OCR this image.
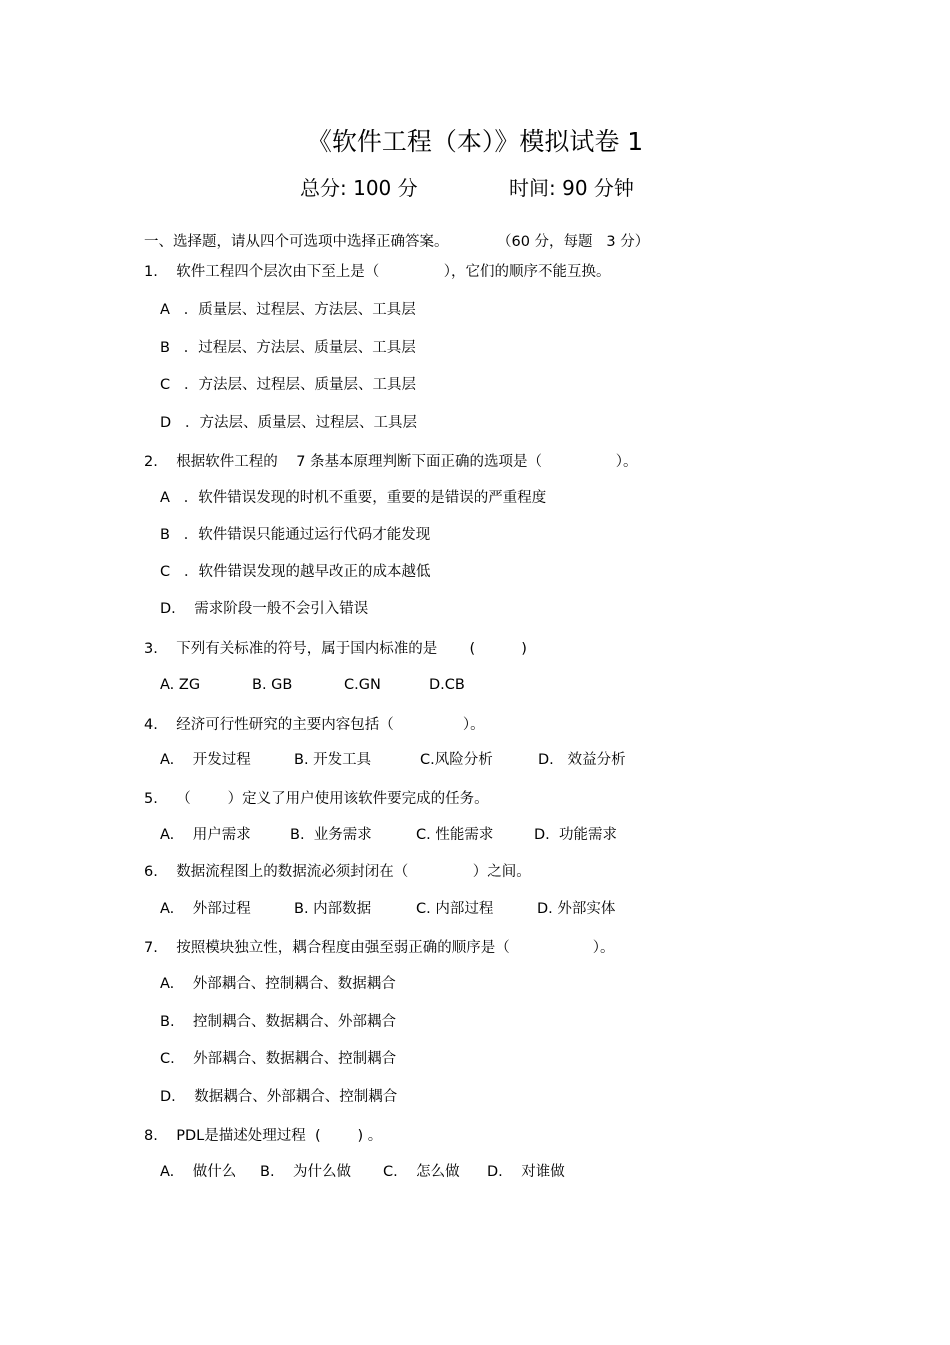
《软件工程（本）》模拟试卷 1
总分: 100 分	时间: 90 分钟
一、选择题，请从四个可选项中选择正确答案。	（60 分，每题   3 分）
1.    软件工程四个层次由下至上是（              ），它们的顺序不能互换。
A   ．质量层、过程层、方法层、工具层
B   ．过程层、方法层、质量层、工具层
C   ．方法层、过程层、质量层、工具层
D   ．方法层、质量层、过程层、工具层
2.    根据软件工程的    7 条基本原理判断下面正确的选项是（                ）。
A   ．软件错误发现的时机不重要，重要的是错误的严重程度
B   ．软件错误只能通过运行代码才能发现
C   ．软件错误发现的越早改正的成本越低
D.    需求阶段一般不会引入错误
3.    下列有关标准的符号，属于国内标准的是       (          )
A. ZG	B. GB	C.GN	D.CB
4.    经济可行性研究的主要内容包括（               ）。
A.    开发过程	B. 开发工具	C.风险分析	D.   效益分析
5.    （        ）定义了用户使用该软件要完成的任务。
A.    用户需求	B.  业务需求	C. 性能需求	D.  功能需求
6.    数据流程图上的数据流必须封闭在（              ）之间。
A.    外部过程	B. 内部数据	C. 内部过程	D. 外部实体
7.    按照模块独立性，耦合程度由强至弱正确的顺序是（                  ）。
A.    外部耦合、控制耦合、数据耦合
B.    控制耦合、数据耦合、外部耦合
C.    外部耦合、数据耦合、控制耦合
D.    数据耦合、外部耦合、控制耦合
8.    PDL是描述处理过程  (        ) 。
A.    做什么 B.    为什么做 C.    怎么做 D.    对谁做
